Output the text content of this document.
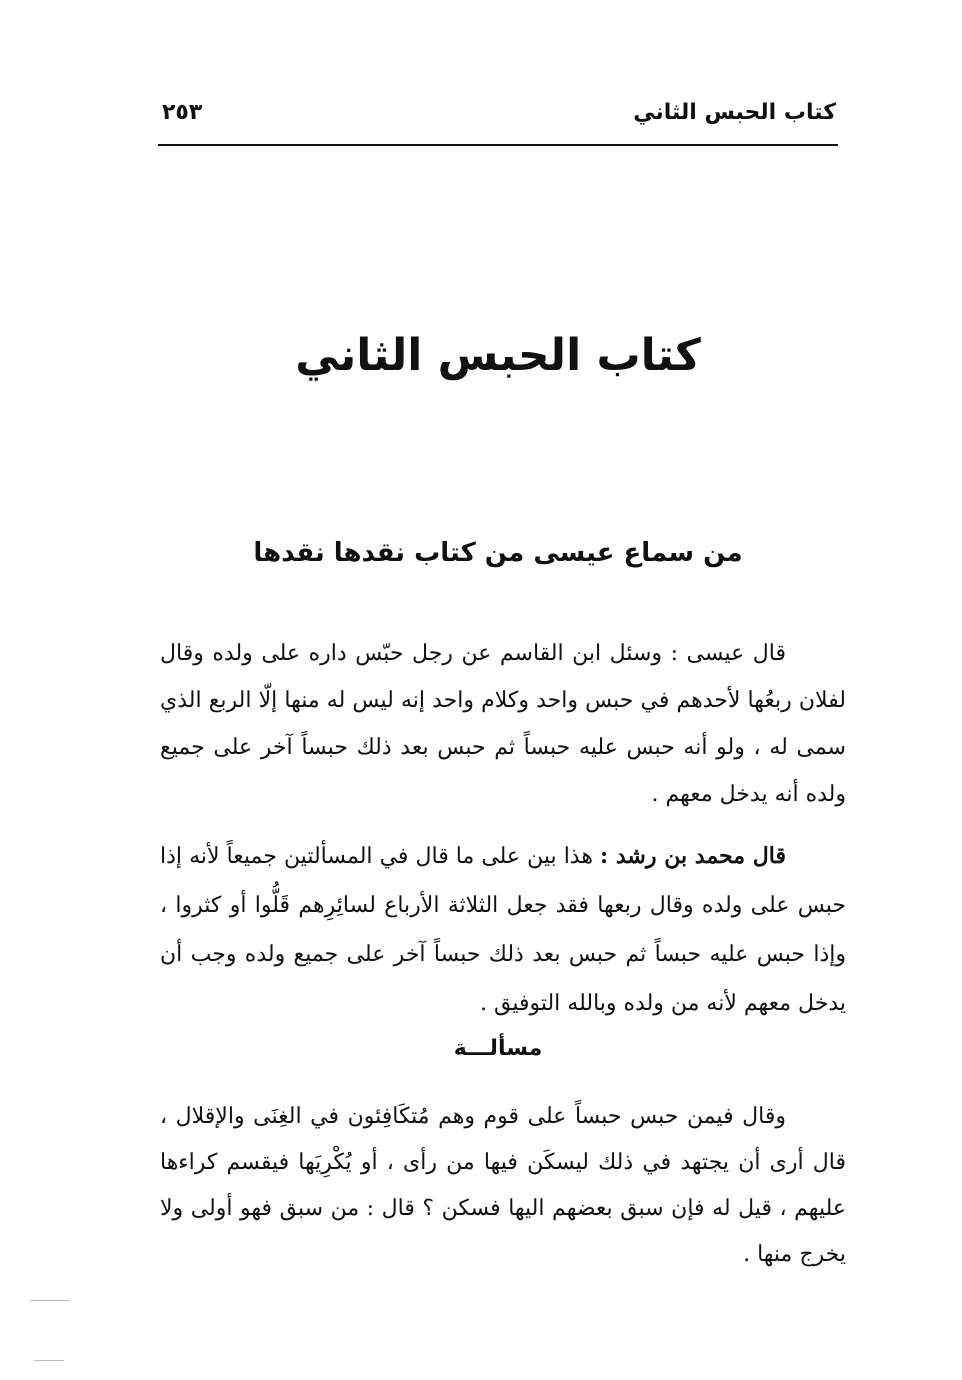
كتاب الحبس الثاني
٢٥٣
كتاب الحبس الثاني
من سماع عيسى من كتاب نقدها نقدها
قال عيسى : وسئل ابن القاسم عن رجل حبّس داره على ولده وقال لفلان ربعُها لأحدهم في حبس واحد وكلام واحد إنه ليس له منها إلّا الربع الذي سمى له ، ولو أنه حبس عليه حبساً ثم حبس بعد ذلك حبساً آخر على جميع ولده أنه يدخل معهم .
قال محمد بن رشد : هذا بين على ما قال في المسألتين جميعاً لأنه إذا حبس على ولده وقال ربعها فقد جعل الثلاثة الأرباع لسائِرِهم قَلُّوا أو كثروا ، وإذا حبس عليه حبساً ثم حبس بعد ذلك حبساً آخر على جميع ولده وجب أن يدخل معهم لأنه من ولده وبالله التوفيق .
مسألـــة
وقال فيمن حبس حبساً على قوم وهم مُتكَافِئون في الغِنَى والإقلال ، قال أرى أن يجتهد في ذلك ليسكَن فيها من رأى ، أو يُكْرِيَها فيقسم كراءها عليهم ، قيل له فإن سبق بعضهم اليها فسكن ؟ قال : من سبق فهو أولى ولا يخرج منها .
